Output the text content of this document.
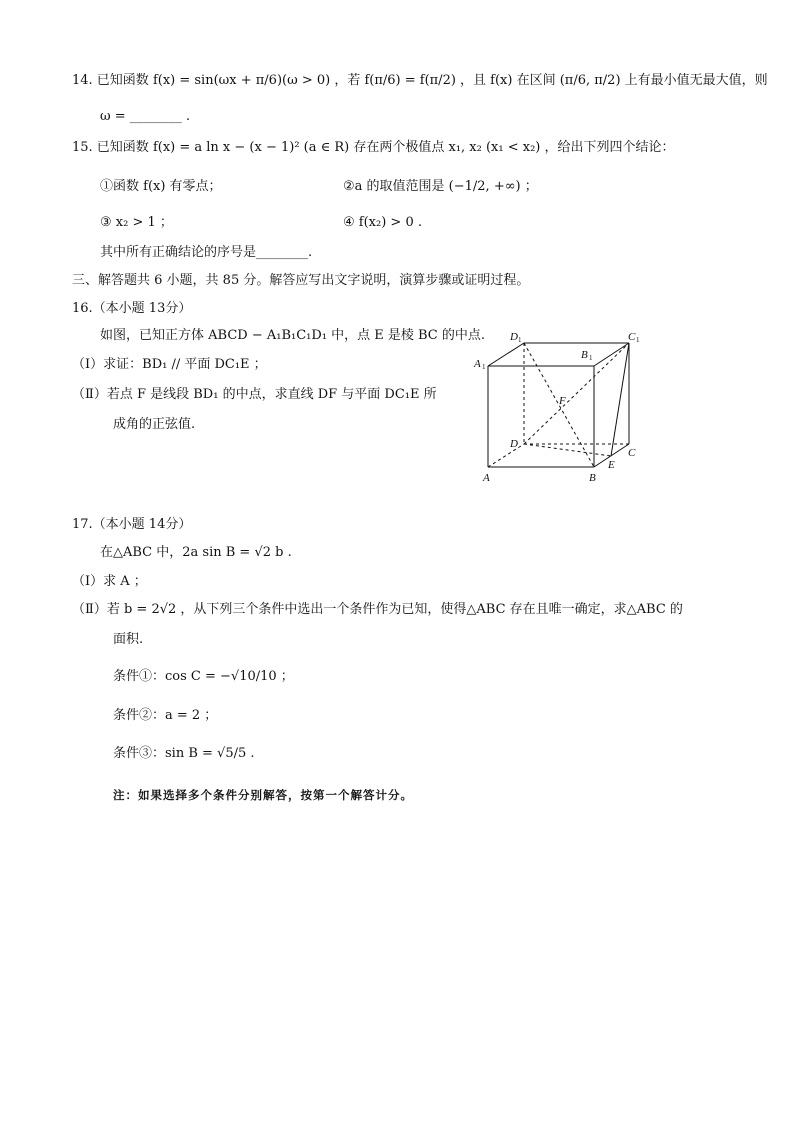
14. 已知函数 f(x) = sin(ωx + π/6)(ω > 0) ，若 f(π/6) = f(π/2) ，且 f(x) 在区间 (π/6, π/2) 上有最小值无最大值，则
ω = ________ .
15. 已知函数 f(x) = a ln x − (x − 1)² (a ∈ R) 存在两个极值点 x₁, x₂ (x₁ < x₂) ，给出下列四个结论：
①函数 f(x) 有零点；	②a 的取值范围是 (−1/2, +∞) ；
③ x₂ > 1 ；	④ f(x₂) > 0 .
其中所有正确结论的序号是________.
三、解答题共 6 小题，共 85 分。解答应写出文字说明，演算步骤或证明过程。
16.（本小题 13分）
如图，已知正方体 ABCD − A₁B₁C₁D₁ 中，点 E 是棱 BC 的中点.
（Ⅰ）求证：BD₁ // 平面 DC₁E ；
（Ⅱ）若点 F 是线段 BD₁ 的中点，求直线 DF 与平面 DC₁E 所
成角的正弦值.
D 1	C 1
A 1
B 1
F
D
C
E
A	B
17.（本小题 14分）
在△ABC 中，2a sin B = √2 b .
（Ⅰ）求 A ；
（Ⅱ）若 b = 2√2 ，从下列三个条件中选出一个条件作为已知，使得△ABC 存在且唯一确定，求△ABC 的
面积.
条件①：cos C = −√10/10 ；
条件②：a = 2 ；
条件③：sin B = √5/5 .
注：如果选择多个条件分别解答，按第一个解答计分。
